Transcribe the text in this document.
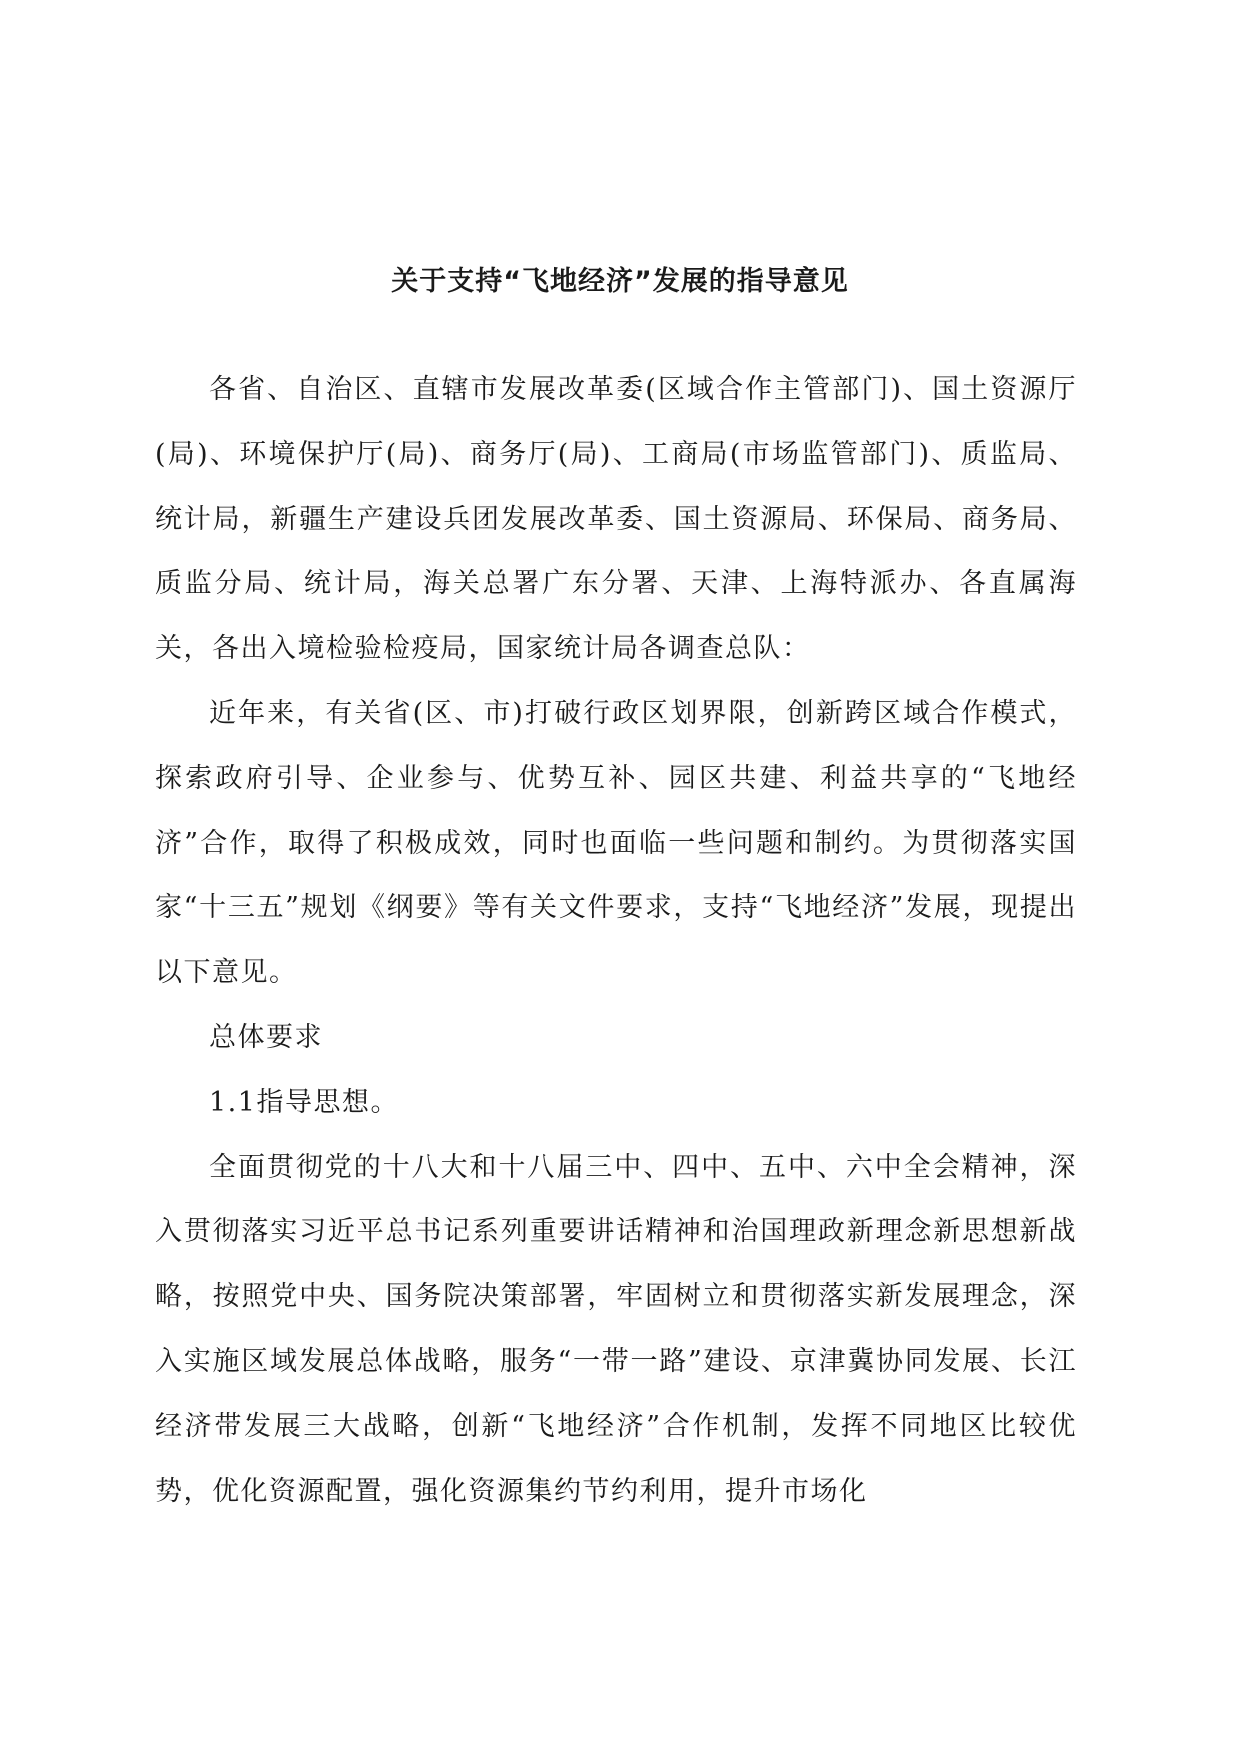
关于支持“飞地经济”发展的指导意见

各省、自治区、直辖市发展改革委(区域合作主管部门)、国土资源厅(局)、环境保护厅(局)、商务厅(局)、工商局(市场监管部门)、质监局、统计局，新疆生产建设兵团发展改革委、国土资源局、环保局、商务局、质监分局、统计局，海关总署广东分署、天津、上海特派办、各直属海关，各出入境检验检疫局，国家统计局各调查总队：

近年来，有关省(区、市)打破行政区划界限，创新跨区域合作模式，探索政府引导、企业参与、优势互补、园区共建、利益共享的“飞地经济”合作，取得了积极成效，同时也面临一些问题和制约。为贯彻落实国家“十三五”规划《纲要》等有关文件要求，支持“飞地经济”发展，现提出以下意见。

总体要求

1.1指导思想。

全面贯彻党的十八大和十八届三中、四中、五中、六中全会精神，深入贯彻落实习近平总书记系列重要讲话精神和治国理政新理念新思想新战略，按照党中央、国务院决策部署，牢固树立和贯彻落实新发展理念，深入实施区域发展总体战略，服务“一带一路”建设、京津冀协同发展、长江经济带发展三大战略，创新“飞地经济”合作机制，发挥不同地区比较优势，优化资源配置，强化资源集约节约利用，提升市场化
